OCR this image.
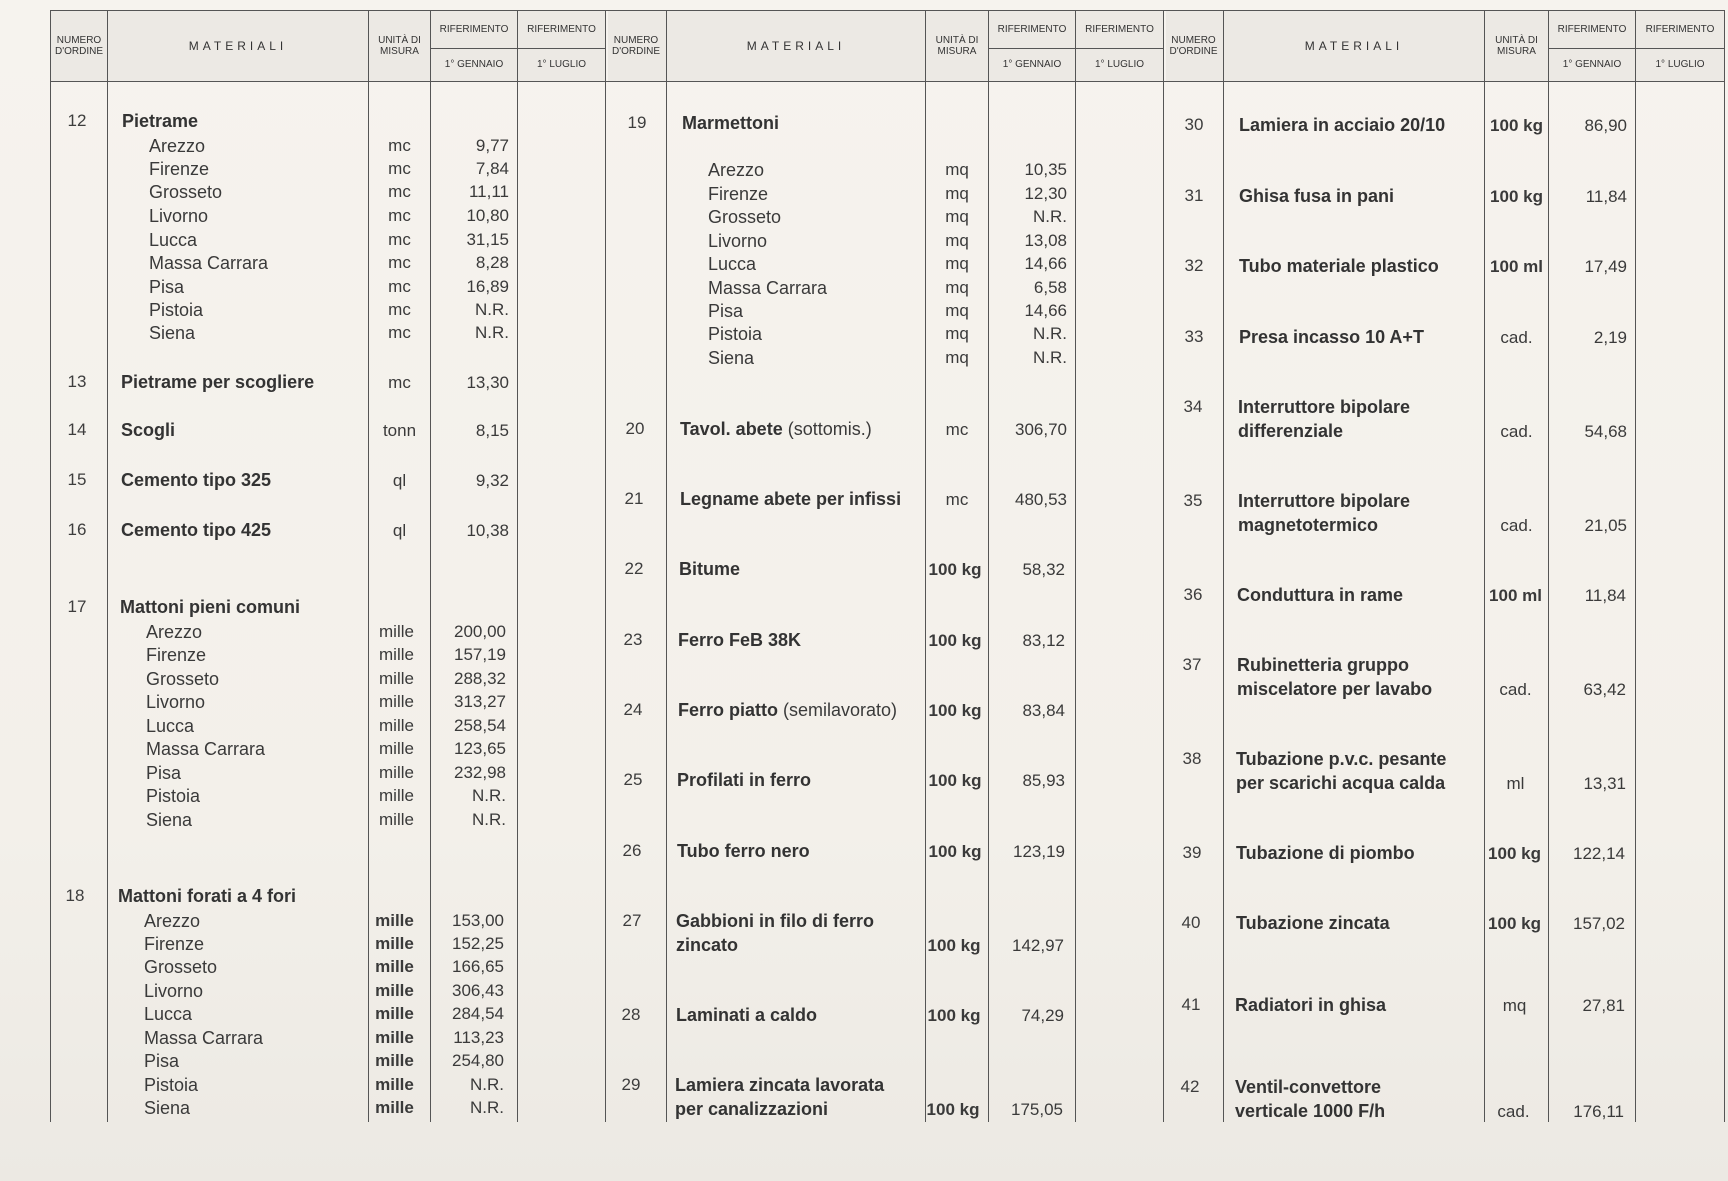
NUMERO
D'ORDINE	MATERIALI	UNITÀ DI
MISURA
RIFERIMENTO	RIFERIMENTO
1° GENNAIO	1° LUGLIO
NUMERO
D'ORDINE	MATERIALI	UNITÀ DI
MISURA
RIFERIMENTO	RIFERIMENTO
1° GENNAIO	1° LUGLIO
NUMERO
D'ORDINE	MATERIALI	UNITÀ DI
MISURA
RIFERIMENTO	RIFERIMENTO
1° GENNAIO	1° LUGLIO
12	Pietrame
Arezzo	mc	9,77
Firenze	mc	7,84
Grosseto	mc	11,11
Livorno	mc	10,80
Lucca	mc	31,15
Massa Carrara	mc	8,28
Pisa	mc	16,89
Pistoia	mc	N.R.
Siena	mc	N.R.
13	Pietrame per scogliere	mc	13,30
14	Scogli	tonn	8,15
15	Cemento tipo 325	ql	9,32
16	Cemento tipo 425	ql	10,38
17	Mattoni pieni comuni
Arezzo	mille	200,00
Firenze	mille	157,19
Grosseto	mille	288,32
Livorno	mille	313,27
Lucca	mille	258,54
Massa Carrara	mille	123,65
Pisa	mille	232,98
Pistoia	mille	N.R.
Siena	mille	N.R.
18	Mattoni forati a 4 fori
Arezzo	mille	153,00
Firenze	mille	152,25
Grosseto	mille	166,65
Livorno	mille	306,43
Lucca	mille	284,54
Massa Carrara	mille	113,23
Pisa	mille	254,80
Pistoia	mille	N.R.
Siena	mille	N.R.
19	Marmettoni
Arezzo	mq	10,35
Firenze	mq	12,30
Grosseto	mq	N.R.
Livorno	mq	13,08
Lucca	mq	14,66
Massa Carrara	mq	6,58
Pisa	mq	14,66
Pistoia	mq	N.R.
Siena	mq	N.R.
20	Tavol. abete (sottomis.)	mc	306,70
21	Legname abete per infissi	mc	480,53
22	Bitume	100 kg	58,32
23	Ferro FeB 38K	100 kg	83,12
24	Ferro piatto (semilavorato) 100 kg	83,84
25	Profilati in ferro	100 kg	85,93
26	Tubo ferro nero	100 kg	123,19
27	Gabbioni in filo di ferro
zincato	100 kg	142,97
28	Laminati a caldo	100 kg	74,29
29	Lamiera zincata lavorata
per canalizzazioni	100 kg	175,05
30	Lamiera in acciaio 20/10	100 kg	86,90
31	Ghisa fusa in pani	100 kg	11,84
32	Tubo materiale plastico	100 ml	17,49
33	Presa incasso 10 A+T	cad.	2,19
34	Interruttore bipolare
differenziale	cad.	54,68
35	Interruttore bipolare
magnetotermico	cad.	21,05
36	Conduttura in rame	100 ml	11,84
37	Rubinetteria gruppo
miscelatore per lavabo	cad.	63,42
38	Tubazione p.v.c. pesante
per scarichi acqua calda	ml	13,31
39	Tubazione di piombo	100 kg	122,14
40	Tubazione zincata	100 kg	157,02
41	Radiatori in ghisa	mq	27,81
42	Ventil-convettore
verticale 1000 F/h	cad.	176,11
